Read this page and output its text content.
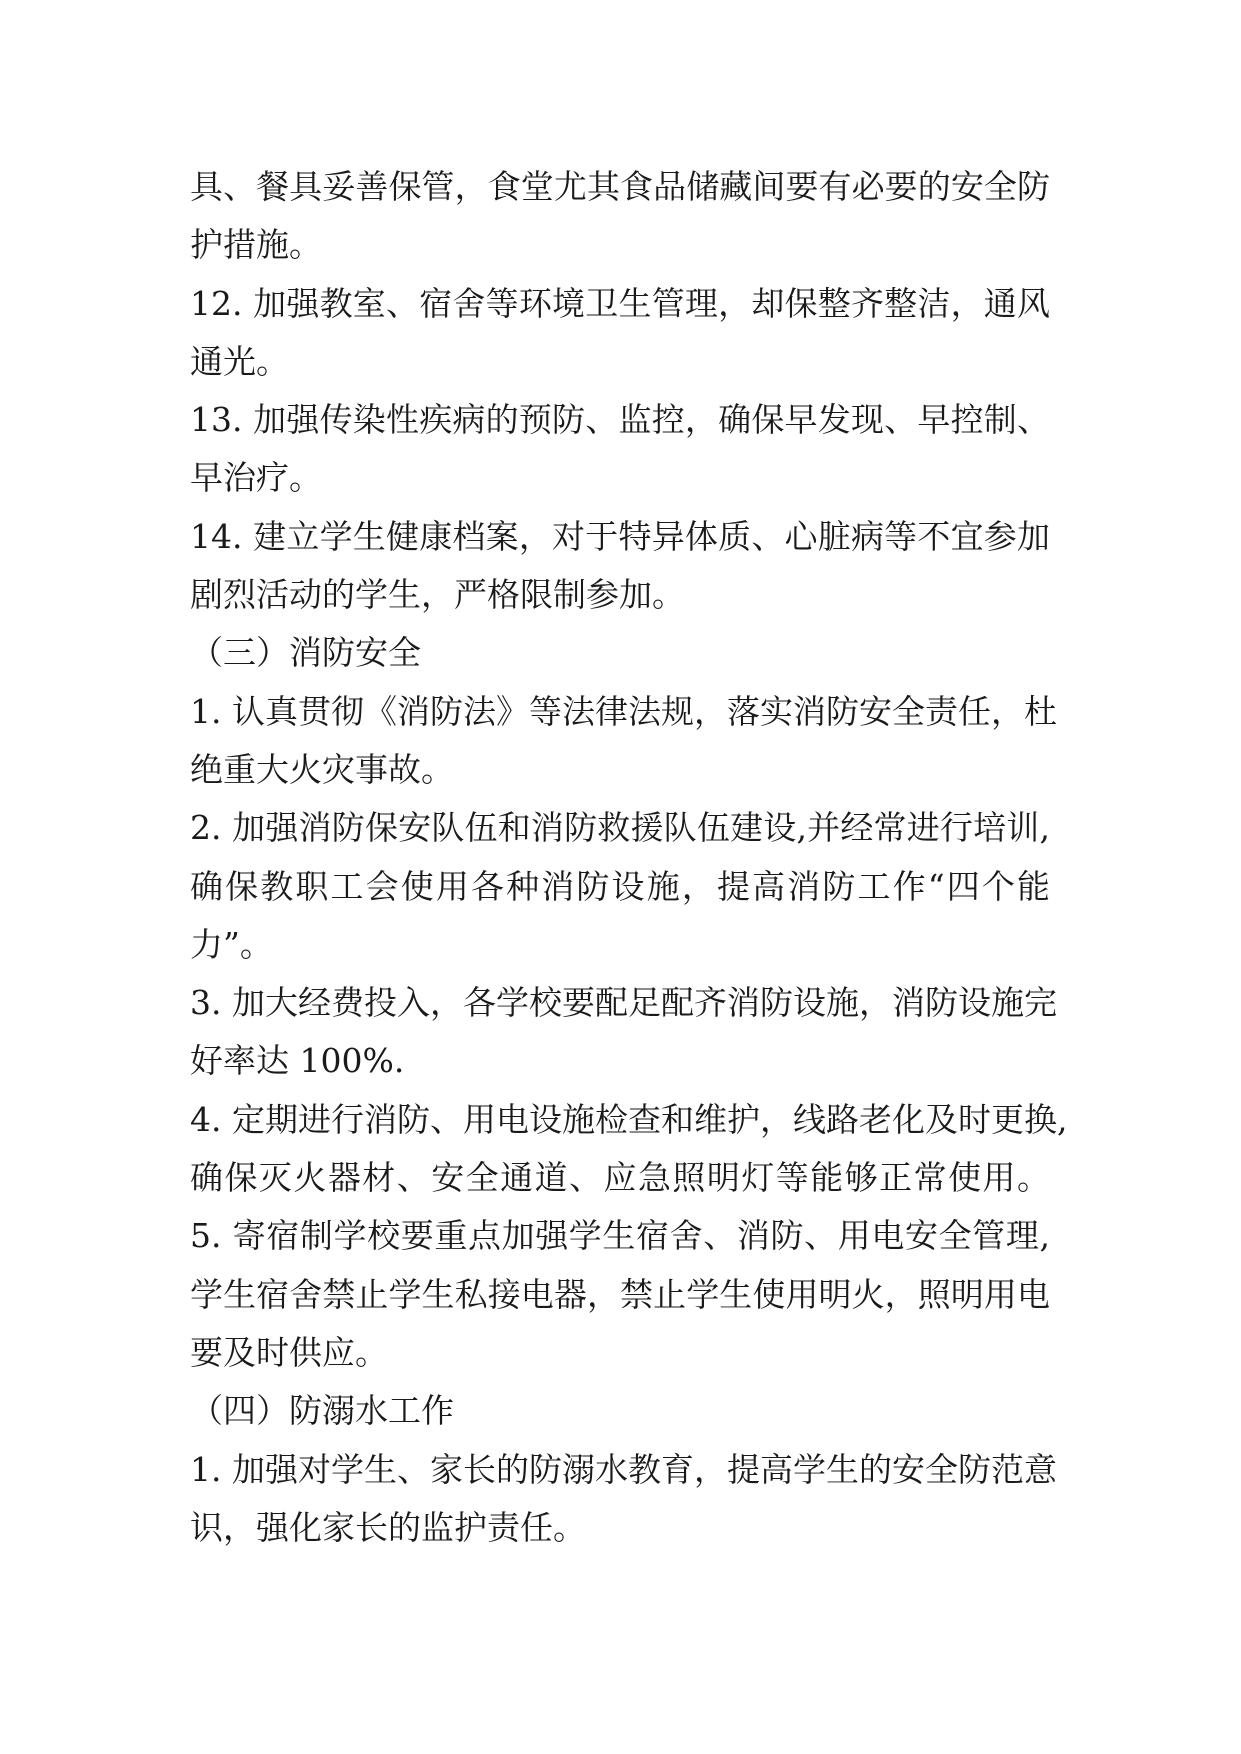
具、餐具妥善保管，食堂尤其食品储藏间要有必要的安全防
护措施。
12. 加强教室、宿舍等环境卫生管理，却保整齐整洁，通风
通光。
13. 加强传染性疾病的预防、监控，确保早发现、早控制、
早治疗。
14. 建立学生健康档案，对于特异体质、心脏病等不宜参加
剧烈活动的学生，严格限制参加。
（三）消防安全
1. 认真贯彻《消防法》等法律法规，落实消防安全责任，杜
绝重大火灾事故。
2. 加强消防保安队伍和消防救援队伍建设,并经常进行培训,
确保教职工会使用各种消防设施，提高消防工作“四个能
力”。
3. 加大经费投入，各学校要配足配齐消防设施，消防设施完
好率达 100%.
4. 定期进行消防、用电设施检查和维护，线路老化及时更换,
确保灭火器材、安全通道、应急照明灯等能够正常使用。
5. 寄宿制学校要重点加强学生宿舍、消防、用电安全管理,
学生宿舍禁止学生私接电器，禁止学生使用明火，照明用电
要及时供应。
（四）防溺水工作
1. 加强对学生、家长的防溺水教育，提高学生的安全防范意
识，强化家长的监护责任。
